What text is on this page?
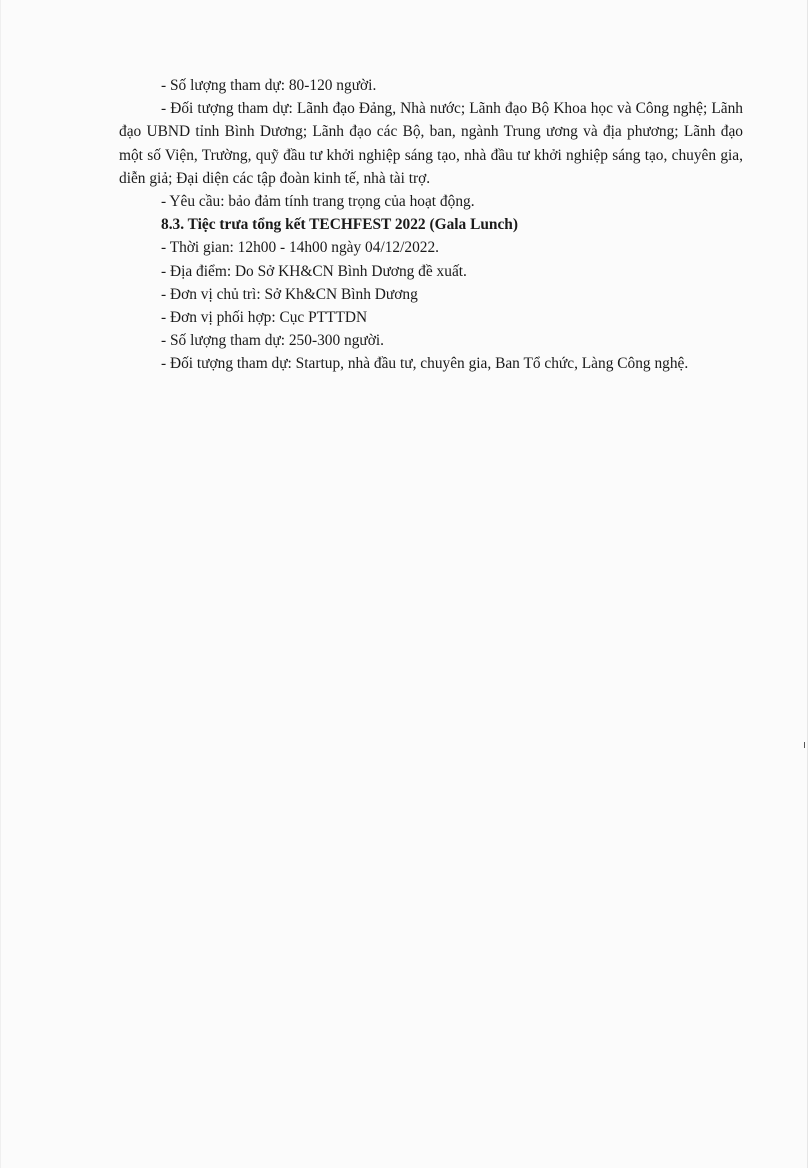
- Số lượng tham dự: 80-120 người.

- Đối tượng tham dự: Lãnh đạo Đảng, Nhà nước; Lãnh đạo Bộ Khoa học và Công nghệ; Lãnh đạo UBND tỉnh Bình Dương; Lãnh đạo các Bộ, ban, ngành Trung ương và địa phương; Lãnh đạo một số Viện, Trường, quỹ đầu tư khởi nghiệp sáng tạo, nhà đầu tư khởi nghiệp sáng tạo, chuyên gia, diễn giả; Đại diện các tập đoàn kinh tế, nhà tài trợ.

- Yêu cầu: bảo đảm tính trang trọng của hoạt động.

8.3. Tiệc trưa tổng kết TECHFEST 2022 (Gala Lunch)

- Thời gian: 12h00 - 14h00 ngày 04/12/2022.

- Địa điểm: Do Sở KH&CN Bình Dương đề xuất.

- Đơn vị chủ trì: Sở Kh&CN Bình Dương

- Đơn vị phối hợp: Cục PTTTDN

- Số lượng tham dự: 250-300 người.

- Đối tượng tham dự: Startup, nhà đầu tư, chuyên gia, Ban Tổ chức, Làng Công nghệ.
